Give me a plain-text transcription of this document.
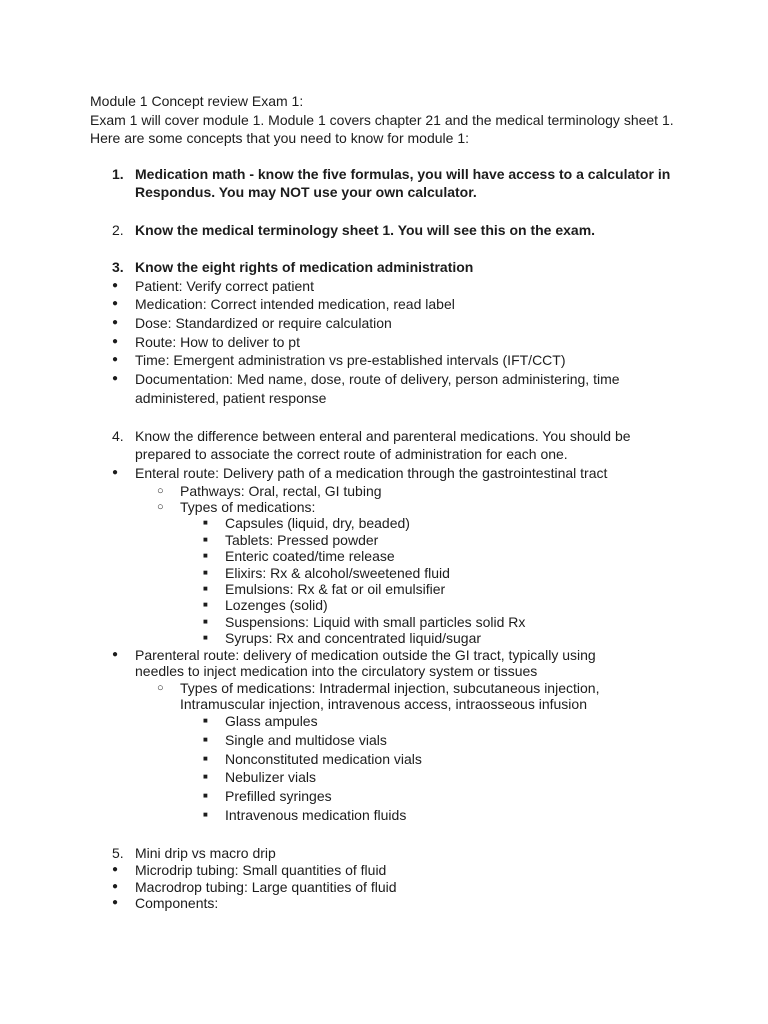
Module 1 Concept review Exam 1:
Exam 1 will cover module 1. Module 1 covers chapter 21 and the medical terminology sheet 1.
Here are some concepts that you need to know for module 1:
1. Medication math - know the five formulas, you will have access to a calculator in
Respondus. You may NOT use your own calculator.
2. Know the medical terminology sheet 1. You will see this on the exam.
3. Know the eight rights of medication administration
● Patient: Verify correct patient
● Medication: Correct intended medication, read label
● Dose: Standardized or require calculation
● Route: How to deliver to pt
● Time: Emergent administration vs pre-established intervals (IFT/CCT)
● Documentation: Med name, dose, route of delivery, person administering, time
administered, patient response
4. Know the difference between enteral and parenteral medications. You should be
prepared to associate the correct route of administration for each one.
● Enteral route: Delivery path of a medication through the gastrointestinal tract
○ Pathways: Oral, rectal, GI tubing
○ Types of medications:
■ Capsules (liquid, dry, beaded)
■ Tablets: Pressed powder
■ Enteric coated/time release
■ Elixirs: Rx & alcohol/sweetened fluid
■ Emulsions: Rx & fat or oil emulsifier
■ Lozenges (solid)
■ Suspensions: Liquid with small particles solid Rx
■ Syrups: Rx and concentrated liquid/sugar
● Parenteral route: delivery of medication outside the GI tract, typically using
needles to inject medication into the circulatory system or tissues
○ Types of medications: Intradermal injection, subcutaneous injection,
Intramuscular injection, intravenous access, intraosseous infusion
■ Glass ampules
■ Single and multidose vials
■ Nonconstituted medication vials
■ Nebulizer vials
■ Prefilled syringes
■ Intravenous medication fluids
5. Mini drip vs macro drip
● Microdrip tubing: Small quantities of fluid
● Macrodrop tubing: Large quantities of fluid
● Components:
